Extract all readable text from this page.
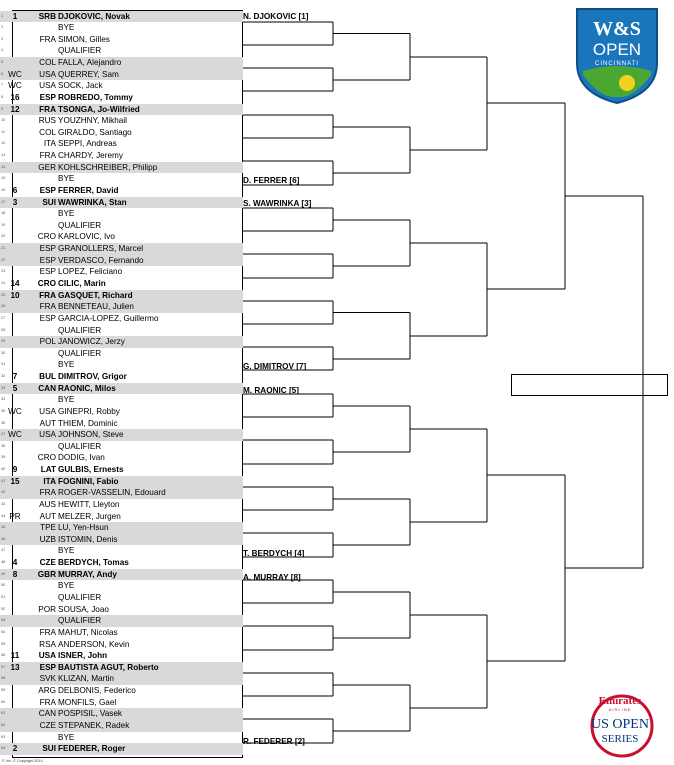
1	1	SRB DJOKOVIC, Novak
2	BYE
3	FRA SIMON, Gilles
4	QUALIFIER
5	COL FALLA, Alejandro
6 WC	USA QUERREY, Sam
7 WC	USA SOCK, Jack
8 16	ESP ROBREDO, Tommy
9 12	FRA TSONGA, Jo-Wilfried
10	RUS YOUZHNY, Mikhail
11	COL GIRALDO, Santiago
12	ITA SEPPI, Andreas
13	FRA CHARDY, Jeremy
14	GER KOHLSCHREIBER, Philipp
15	BYE
16 6	ESP FERRER, David
17 3	SUI WAWRINKA, Stan
18	BYE
19	QUALIFIER
20	CRO KARLOVIC, Ivo
21	ESP GRANOLLERS, Marcel
22	ESP VERDASCO, Fernando
23	ESP LOPEZ, Feliciano
24 14	CRO CILIC, Marin
25 10	FRA GASQUET, Richard
26	FRA BENNETEAU, Julien
27	ESP GARCIA-LOPEZ, Guillermo
28	QUALIFIER
29	POL JANOWICZ, Jerzy
30	QUALIFIER
31	BYE
32 7	BUL DIMITROV, Grigor
33 5	CAN RAONIC, Milos
34	BYE
35 WC	USA GINEPRI, Robby
36	AUT THIEM, Dominic
37 WC	USA JOHNSON, Steve
38	QUALIFIER
39	CRO DODIG, Ivan
40 9	LAT GULBIS, Ernests
41 15	ITA FOGNINI, Fabio
42	FRA ROGER-VASSELIN, Edouard
43	AUS HEWITT, Lleyton
44 PR	AUT MELZER, Jurgen
45	TPE LU, Yen-Hsun
46	UZB ISTOMIN, Denis
47	BYE
48 4	CZE BERDYCH, Tomas
49 8	GBR MURRAY, Andy
50	BYE
51	QUALIFIER
52	POR SOUSA, Joao
53	QUALIFIER
54	FRA MAHUT, Nicolas
55	RSA ANDERSON, Kevin
56 11	USA ISNER, John
57 13	ESP BAUTISTA AGUT, Roberto
58	SVK KLIZAN, Martin
59	ARG DELBONIS, Federico
60	FRA MONFILS, Gael
61	CAN POSPISIL, Vasek
62	CZE STEPANEK, Radek
63	BYE
64 2	SUI FEDERER, Roger
N. DJOKOVIC [1]
D. FERRER [6]
S. WAWRINKA [3]
G. DIMITROV [7]
M. RAONIC [5]
T. BERDYCH [4]
A. MURRAY [8]
R. FEDERER [2]
W&S
OPEN
CINCINNATI
Emirates
AIRLINE
US OPEN
SERIES
© Inc. © Copyright 2014
